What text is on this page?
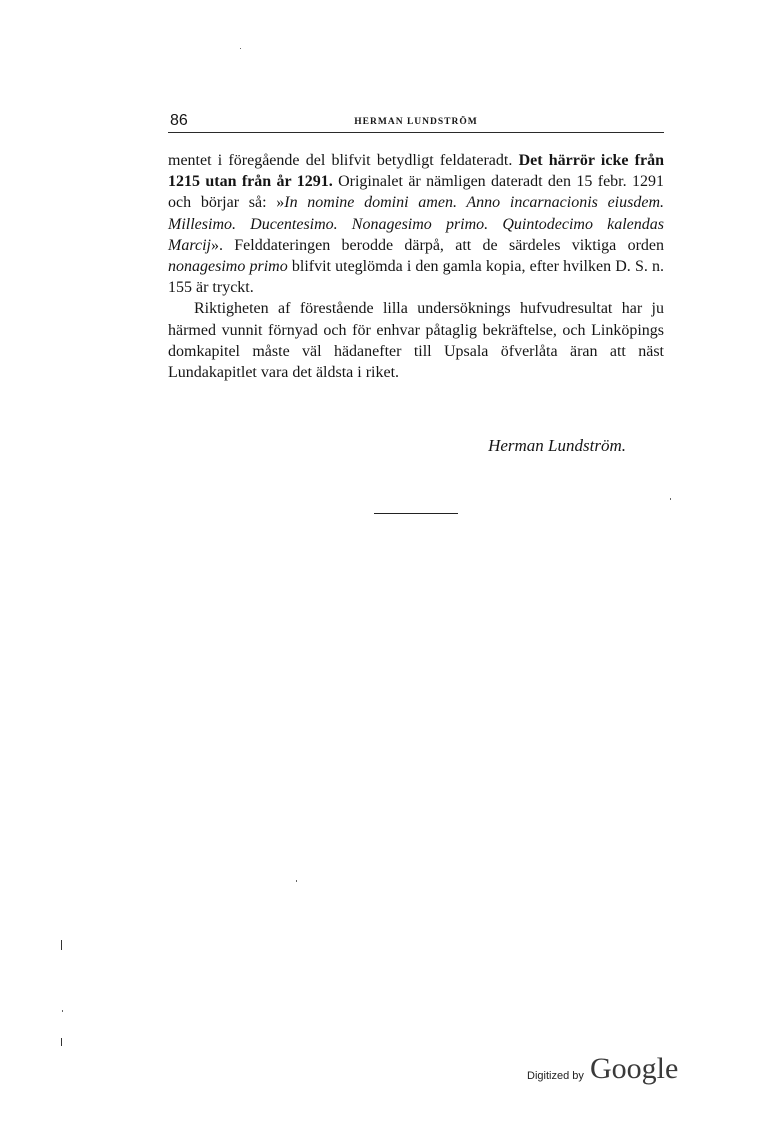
86	HERMAN LUNDSTRÖM

mentet i föregående del blifvit betydligt feldateradt. Det härrör icke från 1215 utan från år 1291. Originalet är nämligen dateradt den 15 febr. 1291 och börjar så: »In nomine domini amen. Anno incarnacionis eiusdem. Millesimo. Ducentesimo. Nonagesimo primo. Quintodecimo kalendas Marcij». Felddateringen berodde därpå, att de särdeles viktiga orden nonagesimo primo blifvit uteglömda i den gamla kopia, efter hvilken D. S. n. 155 är tryckt.

Riktigheten af förestående lilla undersöknings hufvudresultat har ju härmed vunnit förnyad och för enhvar påtaglig bekräftelse, och Linköpings domkapitel måste väl hädanefter till Upsala öfverlåta äran att näst Lundakapitlet vara det äldsta i riket.

Herman Lundström.
Digitized by Google
